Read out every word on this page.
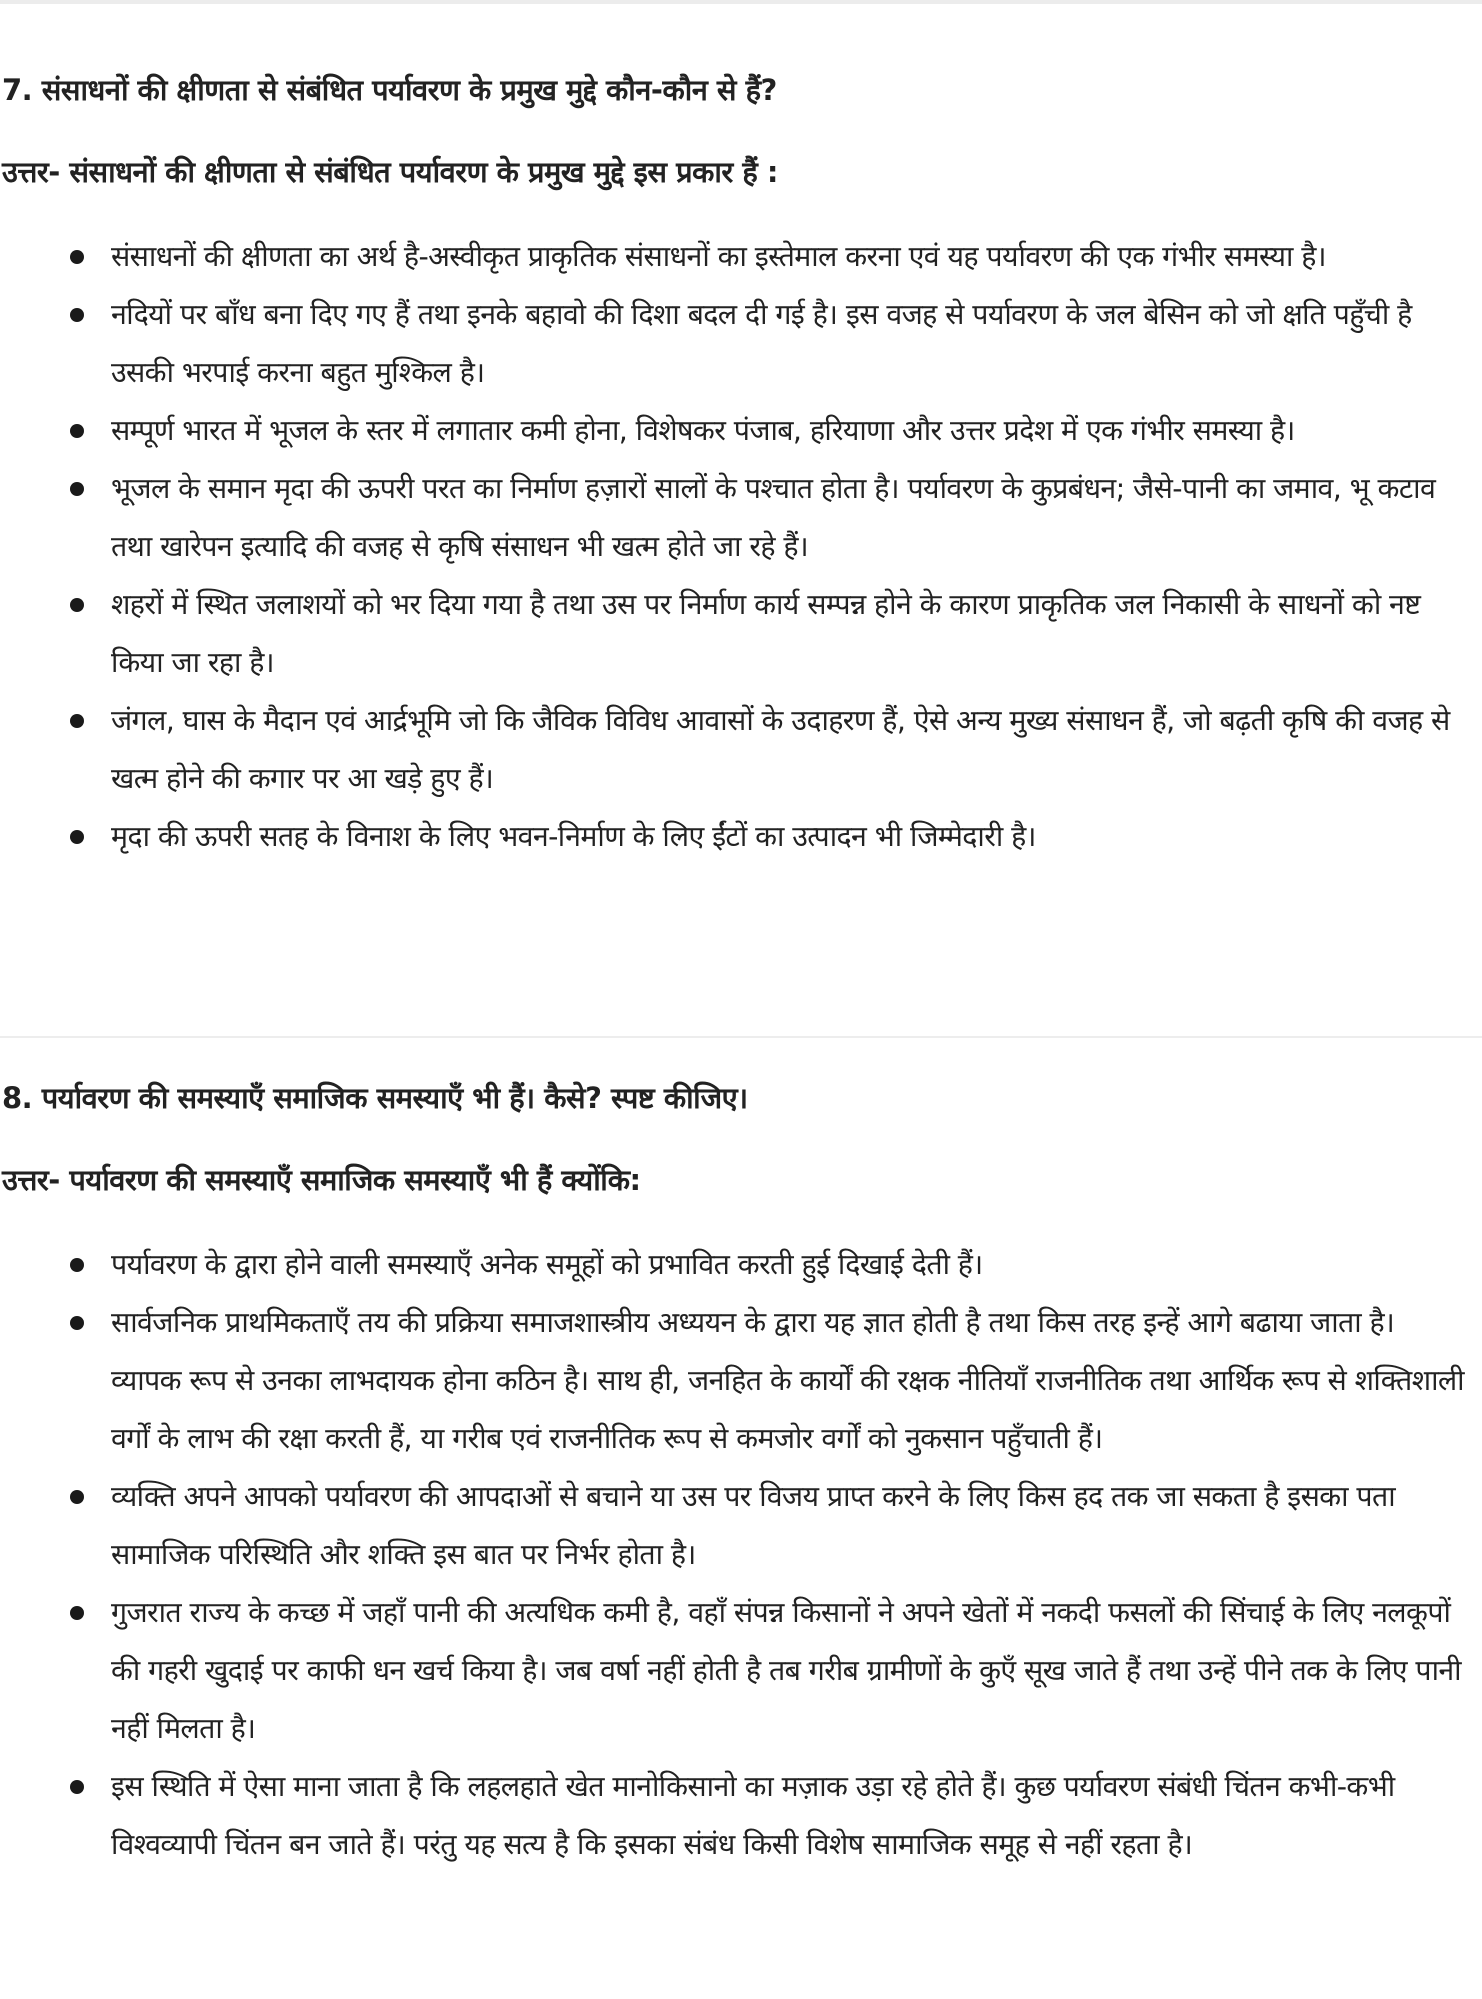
7. संसाधनों की क्षीणता से संबंधित पर्यावरण के प्रमुख मुद्दे कौन-कौन से हैं?

उत्तर- संसाधनों की क्षीणता से संबंधित पर्यावरण के प्रमुख मुद्दे इस प्रकार हैं :

संसाधनों की क्षीणता का अर्थ है-अस्वीकृत प्राकृतिक संसाधनों का इस्तेमाल करना एवं यह पर्यावरण की एक गंभीर समस्या है।
नदियों पर बाँध बना दिए गए हैं तथा इनके बहावो की दिशा बदल दी गई है। इस वजह से पर्यावरण के जल बेसिन को जो क्षति पहुँची है उसकी भरपाई करना बहुत मुश्किल है।
सम्पूर्ण भारत में भूजल के स्तर में लगातार कमी होना, विशेषकर पंजाब, हरियाणा और उत्तर प्रदेश में एक गंभीर समस्या है।
भूजल के समान मृदा की ऊपरी परत का निर्माण हज़ारों सालों के पश्चात होता है। पर्यावरण के कुप्रबंधन; जैसे-पानी का जमाव, भू कटाव तथा खारेपन इत्यादि की वजह से कृषि संसाधन भी खत्म होते जा रहे हैं।
शहरों में स्थित जलाशयों को भर दिया गया है तथा उस पर निर्माण कार्य सम्पन्न होने के कारण प्राकृतिक जल निकासी के साधनों को नष्ट किया जा रहा है।
जंगल, घास के मैदान एवं आर्द्रभूमि जो कि जैविक विविध आवासों के उदाहरण हैं, ऐसे अन्य मुख्य संसाधन हैं, जो बढ़ती कृषि की वजह से खत्म होने की कगार पर आ खड़े हुए हैं।
मृदा की ऊपरी सतह के विनाश के लिए भवन-निर्माण के लिए ईंटों का उत्पादन भी जिम्मेदारी है।

8. पर्यावरण की समस्याएँ समाजिक समस्याएँ भी हैं। कैसे? स्पष्ट कीजिए।

उत्तर- पर्यावरण की समस्याएँ समाजिक समस्याएँ भी हैं क्योंकि:

पर्यावरण के द्वारा होने वाली समस्याएँ अनेक समूहों को प्रभावित करती हुई दिखाई देती हैं।
सार्वजनिक प्राथमिकताएँ तय की प्रक्रिया समाजशास्त्रीय अध्ययन के द्वारा यह ज्ञात होती है तथा किस तरह इन्हें आगे बढाया जाता है। व्यापक रूप से उनका लाभदायक होना कठिन है। साथ ही, जनहित के कार्यों की रक्षक नीतियाँ राजनीतिक तथा आर्थिक रूप से शक्तिशाली वर्गों के लाभ की रक्षा करती हैं, या गरीब एवं राजनीतिक रूप से कमजोर वर्गों को नुकसान पहुँचाती हैं।
व्यक्ति अपने आपको पर्यावरण की आपदाओं से बचाने या उस पर विजय प्राप्त करने के लिए किस हद तक जा सकता है इसका पता सामाजिक परिस्थिति और शक्ति इस बात पर निर्भर होता है।
गुजरात राज्य के कच्छ में जहाँ पानी की अत्यधिक कमी है, वहाँ संपन्न किसानों ने अपने खेतों में नकदी फसलों की सिंचाई के लिए नलकूपों की गहरी खुदाई पर काफी धन खर्च किया है। जब वर्षा नहीं होती है तब गरीब ग्रामीणों के कुएँ सूख जाते हैं तथा उन्हें पीने तक के लिए पानी नहीं मिलता है।
इस स्थिति में ऐसा माना जाता है कि लहलहाते खेत मानोकिसानो का मज़ाक उड़ा रहे होते हैं। कुछ पर्यावरण संबंधी चिंतन कभी-कभी विश्वव्यापी चिंतन बन जाते हैं। परंतु यह सत्य है कि इसका संबंध किसी विशेष सामाजिक समूह से नहीं रहता है।
